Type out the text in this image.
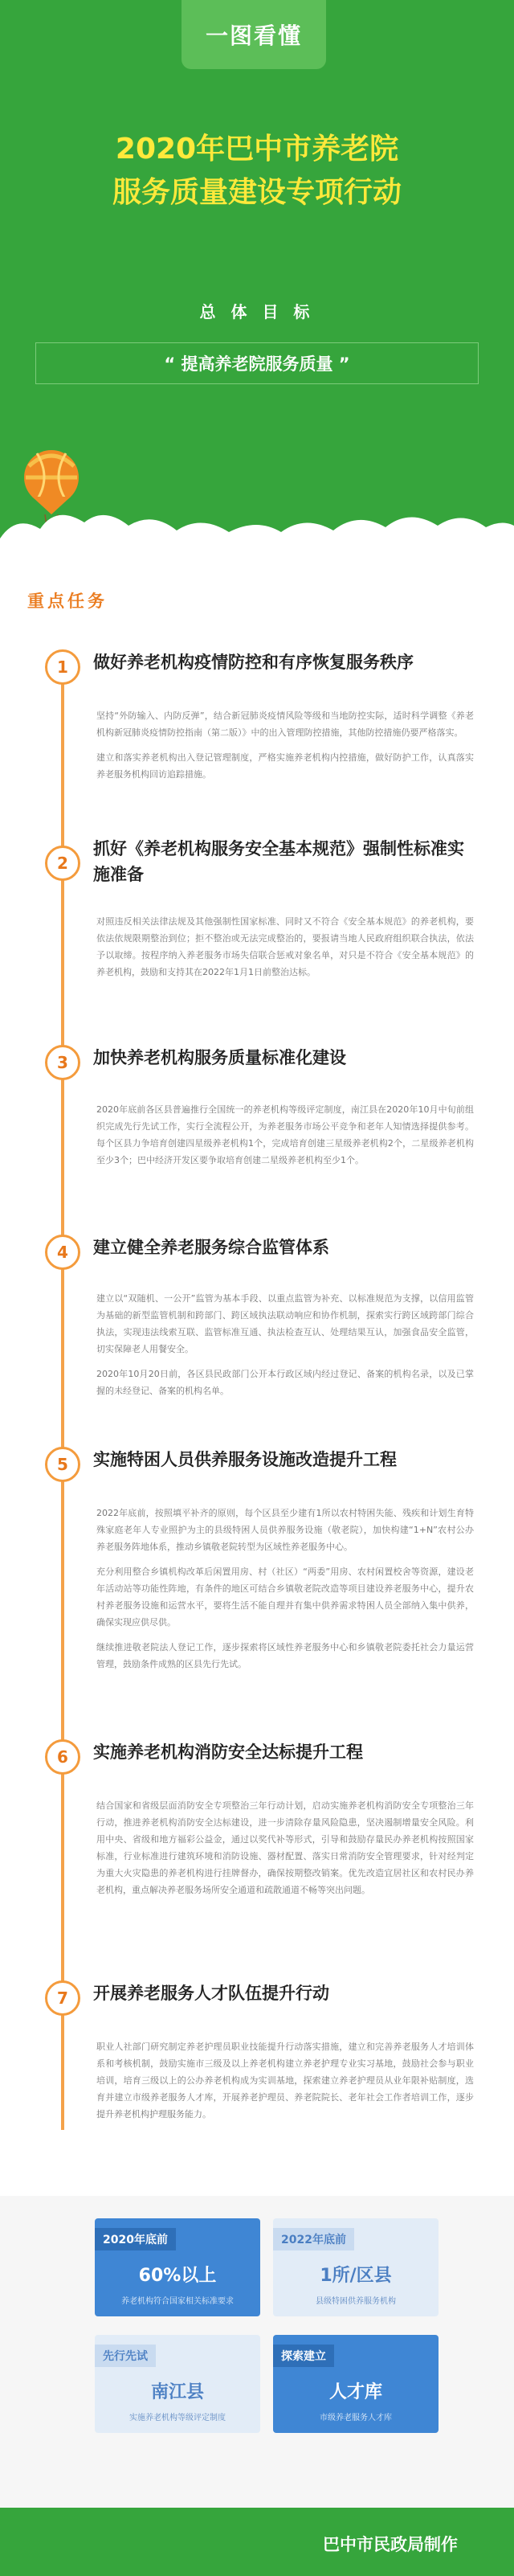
一图看懂
2020年巴中市养老院
服务质量建设专项行动
总 体 目 标
“ 提高养老院服务质量 ”
重点任务
1	做好养老机构疫情防控和有序恢复服务秩序

坚持“外防输入、内防反弹”，结合新冠肺炎疫情风险等级和当地防控实际，适时科学调整《养老机构新冠肺炎疫情防控指南（第二版）》中的出入管理防控措施，其他防控措施仍要严格落实。

建立和落实养老机构出入登记管理制度，严格实施养老机构内控措施，做好防护工作，认真落实养老服务机构回访追踪措施。

2
抓好《养老机构服务安全基本规范》强制性标准实施准备

对照违反相关法律法规及其他强制性国家标准、同时又不符合《安全基本规范》的养老机构，要依法依规限期整治到位；拒不整治或无法完成整治的，要报请当地人民政府组织联合执法，依法予以取缔。按程序纳入养老服务市场失信联合惩戒对象名单，对只是不符合《安全基本规范》的养老机构，鼓励和支持其在2022年1月1日前整治达标。

3	加快养老机构服务质量标准化建设

2020年底前各区县普遍推行全国统一的养老机构等级评定制度，南江县在2020年10月中旬前组织完成先行先试工作，实行全流程公开，为养老服务市场公平竞争和老年人知情选择提供参考。每个区县力争培育创建四星级养老机构1个，完成培育创建三星级养老机构2个，二星级养老机构至少3个；巴中经济开发区要争取培育创建二星级养老机构至少1个。

4	建立健全养老服务综合监管体系

建立以“双随机、一公开”监管为基本手段、以重点监管为补充、以标准规范为支撑，以信用监管为基础的新型监管机制和跨部门、跨区域执法联动响应和协作机制，探索实行跨区域跨部门综合执法，实现违法线索互联、监管标准互通、执法检查互认、处理结果互认，加强食品安全监管，切实保障老人用餐安全。

2020年10月20日前，各区县民政部门公开本行政区域内经过登记、备案的机构名录，以及已掌握的未经登记、备案的机构名单。

5	实施特困人员供养服务设施改造提升工程

2022年底前，按照填平补齐的原则，每个区县至少建有1所以农村特困失能、残疾和计划生育特殊家庭老年人专业照护为主的县级特困人员供养服务设施（敬老院），加快构建“1+N”农村公办养老服务阵地体系，推动乡镇敬老院转型为区域性养老服务中心。

充分利用整合乡镇机构改革后闲置用房、村（社区）“两委”用房、农村闲置校舍等资源，建设老年活动站等功能性阵地，有条件的地区可结合乡镇敬老院改造等项目建设养老服务中心，提升农村养老服务设施和运营水平，要将生活不能自理并有集中供养需求特困人员全部纳入集中供养，确保实现应供尽供。

继续推进敬老院法人登记工作，逐步探索将区域性养老服务中心和乡镇敬老院委托社会力量运营管理，鼓励条件成熟的区县先行先试。

6	实施养老机构消防安全达标提升工程

结合国家和省级层面消防安全专项整治三年行动计划，启动实施养老机构消防安全专项整治三年行动，推进养老机构消防安全达标建设，进一步清除存量风险隐患，坚决遏制增量安全风险。利用中央、省级和地方福彩公益金，通过以奖代补等形式，引导和鼓励存量民办养老机构按照国家标准，行业标准进行建筑环境和消防设施、器材配置、落实日常消防安全管理要求，针对经判定为重大火灾隐患的养老机构进行挂牌督办，确保按期整改销案。优先改造宜居社区和农村民办养老机构，重点解决养老服务场所安全通道和疏散通道不畅等突出问题。

7	开展养老服务人才队伍提升行动

职业人社部门研究制定养老护理员职业技能提升行动落实措施，建立和完善养老服务人才培训体系和考核机制，鼓励实施市三级及以上养老机构建立养老护理专业实习基地，鼓励社会参与职业培训，培育三级以上的公办养老机构成为实训基地，探索建立养老护理员从业年限补贴制度，选育并建立市级养老服务人才库，开展养老护理员、养老院院长、老年社会工作者培训工作，逐步提升养老机构护理服务能力。

2020年底前
60%以上
养老机构符合国家相关标准要求
2022年底前
1所/区县
县级特困供养服务机构
先行先试
南江县
实施养老机构等级评定制度
探索建立
人才库
市级养老服务人才库
巴中市民政局制作
